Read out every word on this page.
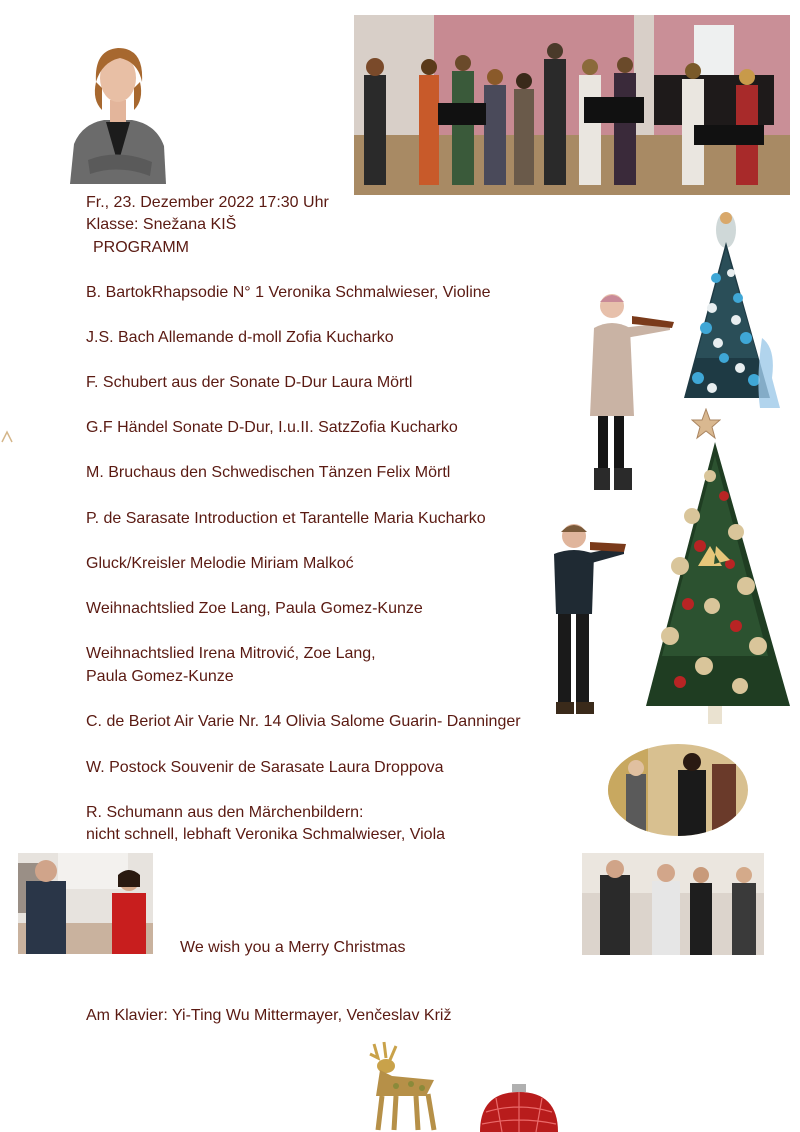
Fr., 23. Dezember 2022 17:30 Uhr
Klasse: Snežana KIŠ
PROGRAMM
B. BartokRhapsodie N° 1 Veronika Schmalwieser, Violine
J.S. Bach Allemande d-moll Zofia Kucharko
F. Schubert aus der Sonate D-Dur Laura Mörtl
G.F Händel Sonate D-Dur, I.u.II. SatzZofia Kucharko
M. Bruchaus den Schwedischen Tänzen Felix Mörtl
P. de Sarasate Introduction et Tarantelle Maria Kucharko
Gluck/Kreisler Melodie Miriam Malkoć
Weihnachtslied Zoe Lang, Paula Gomez-Kunze
Weihnachtslied Irena Mitrović, Zoe Lang,
Paula Gomez-Kunze
C. de Beriot Air Varie Nr. 14 Olivia Salome Guarin- Danninger
W. Postock Souvenir de Sarasate Laura Droppova
R. Schumann aus den Märchenbildern:
nicht schnell, lebhaft Veronika Schmalwieser, Viola
We wish you a Merry Christmas
Am Klavier: Yi-Ting Wu Mittermayer, Venčeslav Križ
